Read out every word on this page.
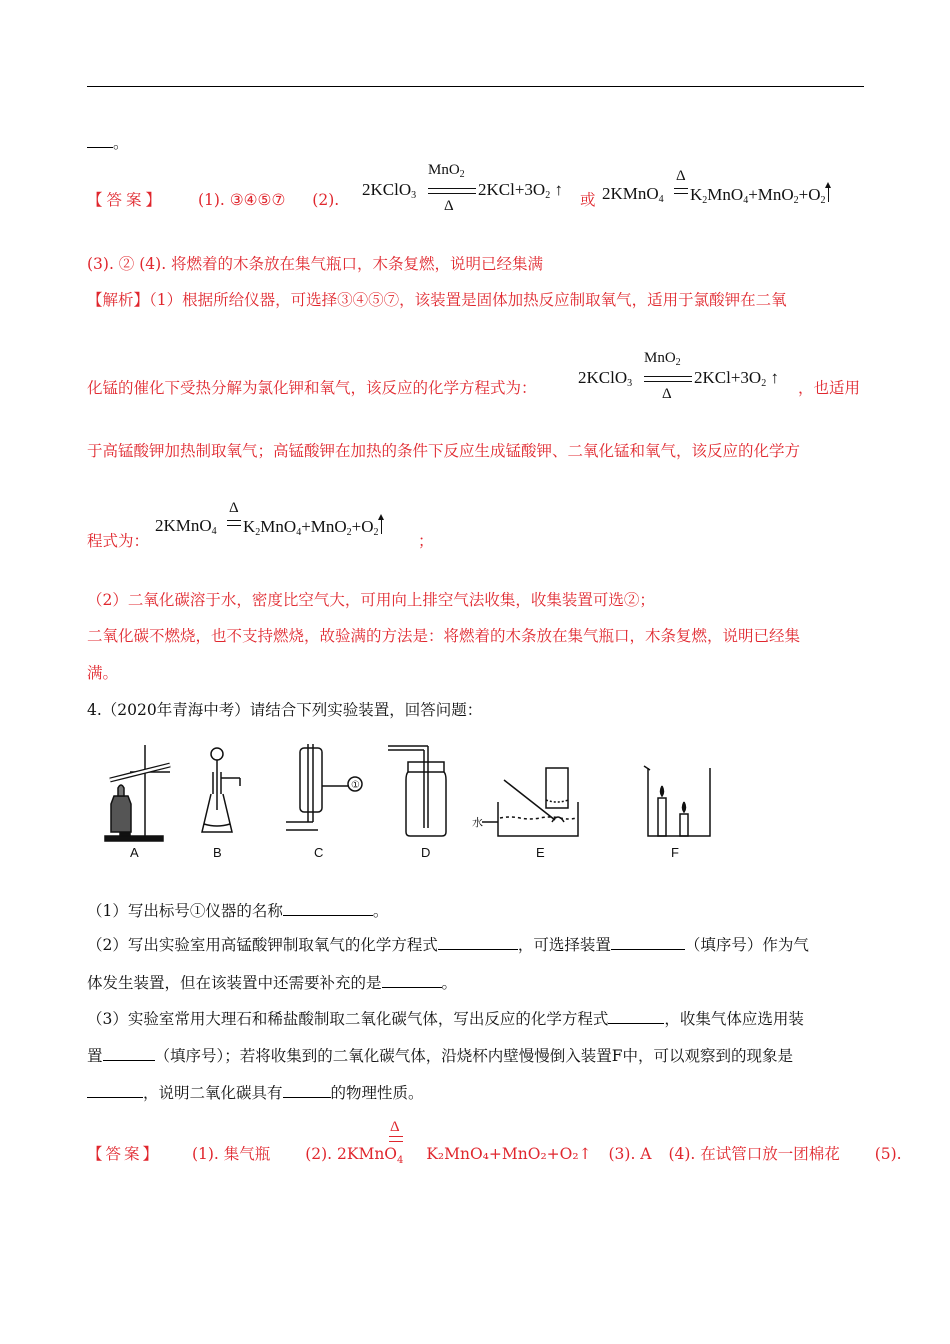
。
【答案】 (1). ③④⑤⑦ (2).
2KClO$_3$
MnO$_2$
Δ
$2KCl+3O_2$ ↑
或 2KMnO$_4$
Δ
$K_2MnO_4+MnO_2+O_2$
(3). ② (4). 将燃着的木条放在集气瓶口，木条复燃，说明已经集满
【解析】（1）根据所给仪器，可选择③④⑤⑦，该装置是固体加热反应制取氧气，适用于氯酸钾在二氧
化锰的催化下受热分解为氯化钾和氧气，该反应的化学方程式为：
2KClO$_3$
MnO$_2$
Δ
$2KCl+3O_2$ ↑
，也适用
于高锰酸钾加热制取氧气；高锰酸钾在加热的条件下反应生成锰酸钾、二氧化锰和氧气，该反应的化学方
程式为：
2KMnO$_4$
Δ
$K_2MnO_4+MnO_2+O_2$	；
（2）二氧化碳溶于水，密度比空气大，可用向上排空气法收集，收集装置可选②；
二氧化碳不燃烧，也不支持燃烧，故验满的方法是：将燃着的木条放在集气瓶口，木条复燃，说明已经集
满。
4.（2020年青海中考）请结合下列实验装置，回答问题：
①
水
A	B	C	D	E	F
（1）写出标号①仪器的名称	。
（2）写出实验室用高锰酸钾制取氧气的化学方程式	，可选择装置	（填序号）作为气
体发生装置，但在该装置中还需要补充的是	。
（3）实验室常用大理石和稀盐酸制取二氧化碳气体，写出反应的化学方程式	，收集气体应选用装
置	（填序号）；若将收集到的二氧化碳气体，沿烧杯内壁慢慢倒入装置F中，可以观察到的现象是
，说明二氧化碳具有	的物理性质。
【答案】 (1). 集气瓶 (2). 2KMnO$_4$ K₂MnO₄+MnO₂+O₂↑ (3). A (4). 在试管口放一团棉花 (5).
Δ
